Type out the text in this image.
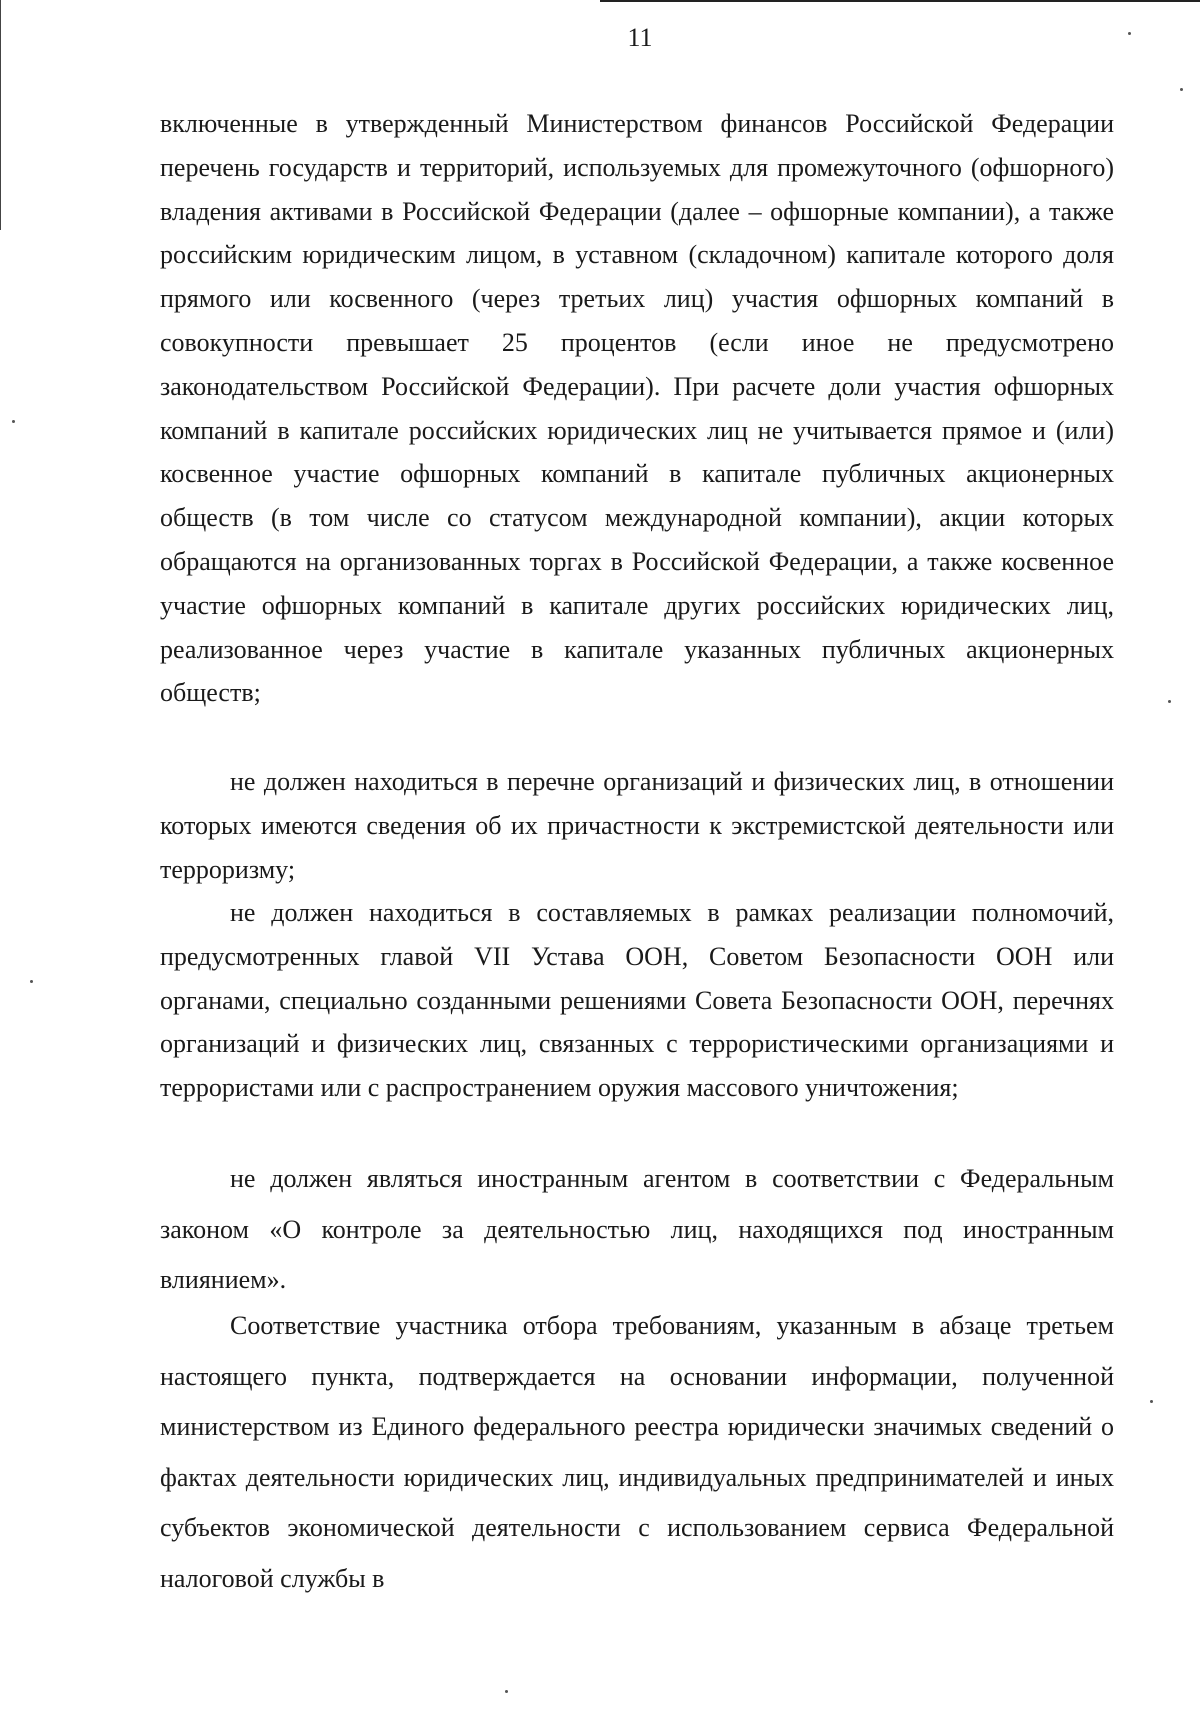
11

включенные в утвержденный Министерством финансов Российской Федерации перечень государств и территорий, используемых для промежуточного (офшорного) владения активами в Российской Федерации (далее – офшорные компании), а также российским юридическим лицом, в уставном (складочном) капитале которого доля прямого или косвенного (через третьих лиц) участия офшорных компаний в совокупности превышает 25 процентов (если иное не предусмотрено законодательством Российской Федерации). При расчете доли участия офшорных компаний в капитале российских юридических лиц не учитывается прямое и (или) косвенное участие офшорных компаний в капитале публичных акционерных обществ (в том числе со статусом международной компании), акции которых обращаются на организованных торгах в Российской Федерации, а также косвенное участие офшорных компаний в капитале других российских юридических лиц, реализованное через участие в капитале указанных публичных акционерных обществ;

не должен находиться в перечне организаций и физических лиц, в отношении которых имеются сведения об их причастности к экстремистской деятельности или терроризму;

не должен находиться в составляемых в рамках реализации полномочий, предусмотренных главой VII Устава ООН, Советом Безопасности ООН или органами, специально созданными решениями Совета Безопасности ООН, перечнях организаций и физических лиц, связанных с террористическими организациями и террористами или с распространением оружия массового уничтожения;

не должен являться иностранным агентом в соответствии с Федеральным законом «О контроле за деятельностью лиц, находящихся под иностранным влиянием».

Соответствие участника отбора требованиям, указанным в абзаце третьем настоящего пункта, подтверждается на основании информации, полученной министерством из Единого федерального реестра юридически значимых сведений о фактах деятельности юридических лиц, индивидуальных предпринимателей и иных субъектов экономической деятельности с использованием сервиса Федеральной налоговой службы в
